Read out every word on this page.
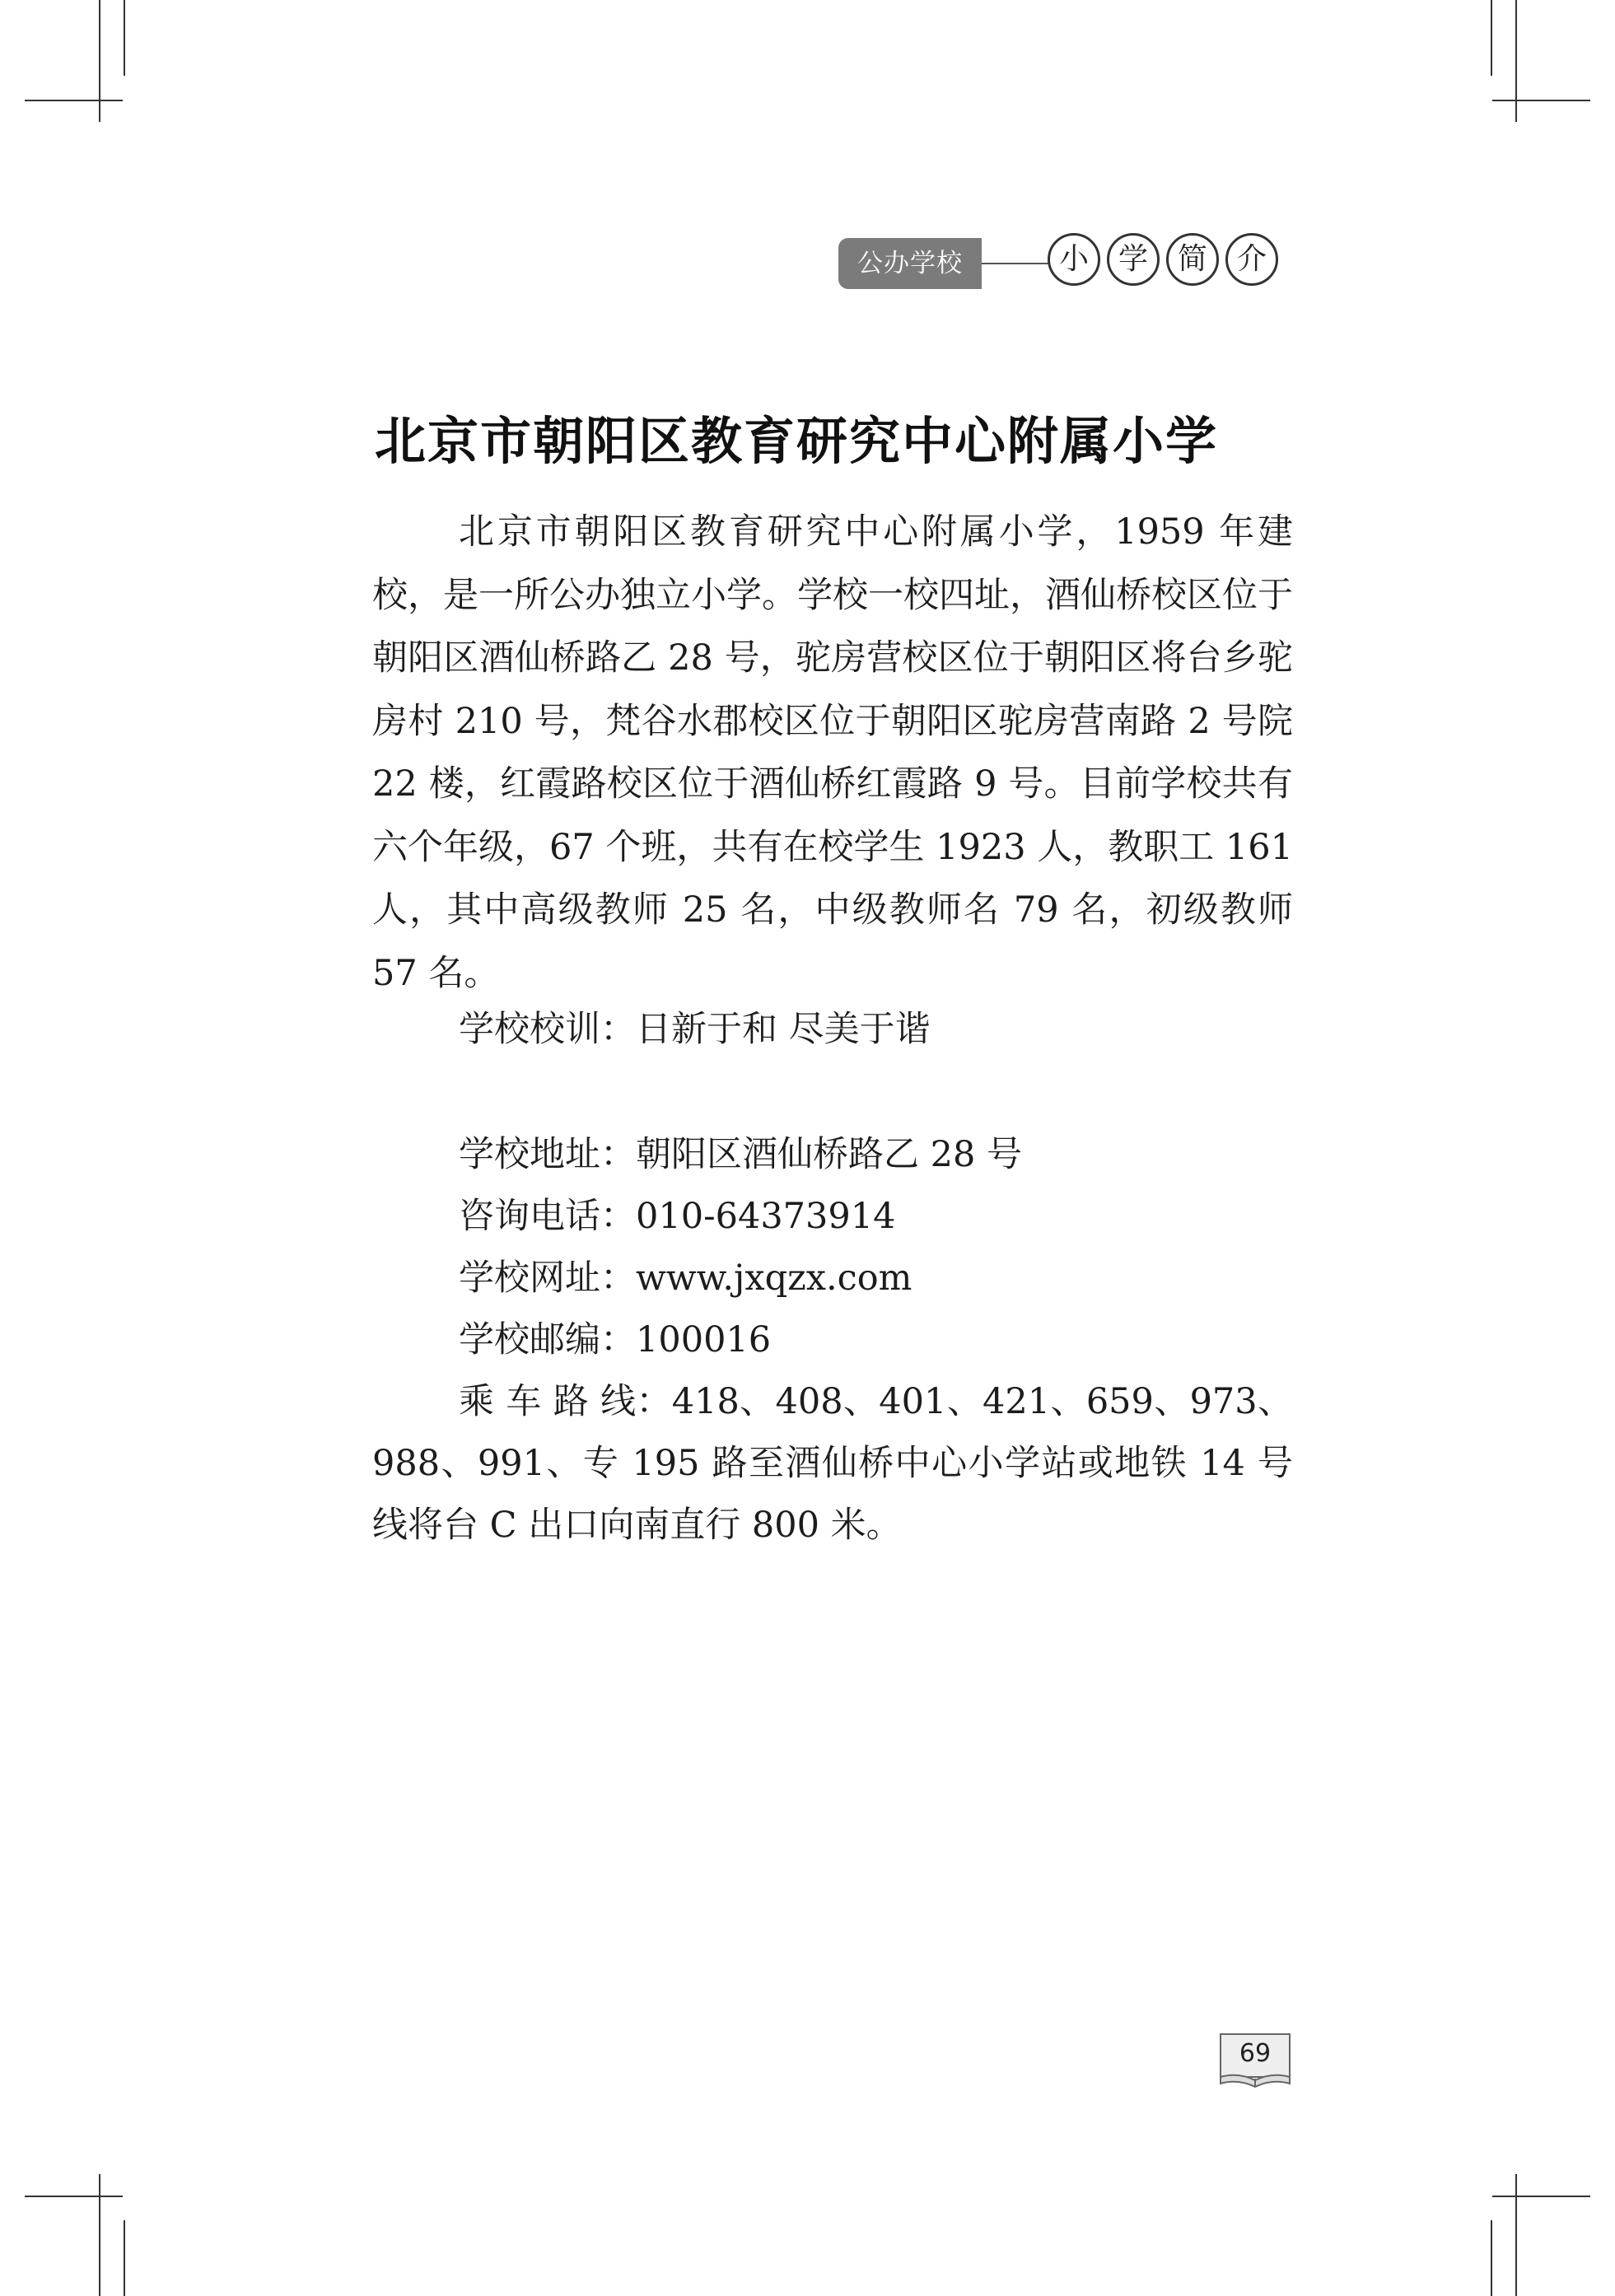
公办学校	小 学 简 介
北京市朝阳区教育研究中心附属小学

北京市朝阳区教育研究中心附属小学，1959 年建校，是一所公办独立小学。学校一校四址，酒仙桥校区位于朝阳区酒仙桥路乙 28 号，驼房营校区位于朝阳区将台乡驼房村 210 号，梵谷水郡校区位于朝阳区驼房营南路 2 号院 22 楼，红霞路校区位于酒仙桥红霞路 9 号。目前学校共有六个年级，67 个班，共有在校学生 1923 人，教职工 161 人，其中高级教师 25 名，中级教师名 79 名，初级教师 57 名。

学校校训：日新于和 尽美于谐

学校地址：朝阳区酒仙桥路乙 28 号
咨询电话：010-64373914
学校网址：www.jxqzx.com
学校邮编：100016
乘 车 路 线：418、408、401、421、659、973、988、991、专 195 路至酒仙桥中心小学站或地铁 14 号线将台 C 出口向南直行 800 米。
69
